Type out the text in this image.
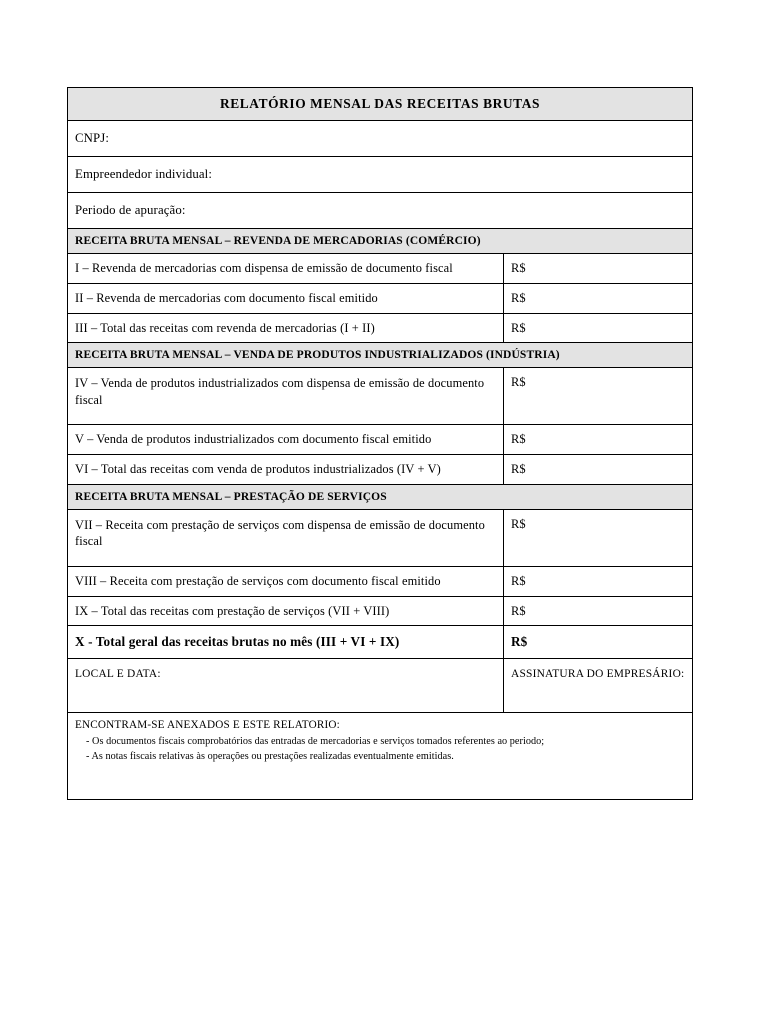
RELATÓRIO MENSAL DAS RECEITAS BRUTAS	

CNPJ:	

Empreendedor individual:	

Periodo de apuração:	

RECEITA BRUTA MENSAL – REVENDA DE MERCADORIAS (COMÉRCIO)	

I – Revenda de mercadorias com dispensa de emissão de documento fiscal	R$

II – Revenda de mercadorias com documento fiscal emitido	R$

III – Total das receitas com revenda de mercadorias (I + II)	R$

RECEITA BRUTA MENSAL – VENDA DE PRODUTOS INDUSTRIALIZADOS (INDÚSTRIA)	

IV – Venda de produtos industrializados com dispensa de emissão de documento fiscal	R$

V – Venda de produtos industrializados com documento fiscal emitido	R$

VI – Total das receitas com venda de produtos industrializados (IV + V)	R$

RECEITA BRUTA MENSAL – PRESTAÇÃO DE SERVIÇOS	

VII – Receita com prestação de serviços com dispensa de emissão de documento fiscal	R$

VIII – Receita com prestação de serviços com documento fiscal emitido	R$

IX – Total das receitas com prestação de serviços (VII + VIII)	R$

X - Total geral das receitas brutas no mês (III + VI + IX)	R$

LOCAL E DATA:	ASSINATURA DO EMPRESÁRIO:

ENCONTRAM-SE ANEXADOS E ESTE RELATORIO:

- Os documentos fiscais comprobatórios das entradas de mercadorias e serviços tomados referentes ao periodo;
- As notas fiscais relativas às operações ou prestações realizadas eventualmente emitidas.
